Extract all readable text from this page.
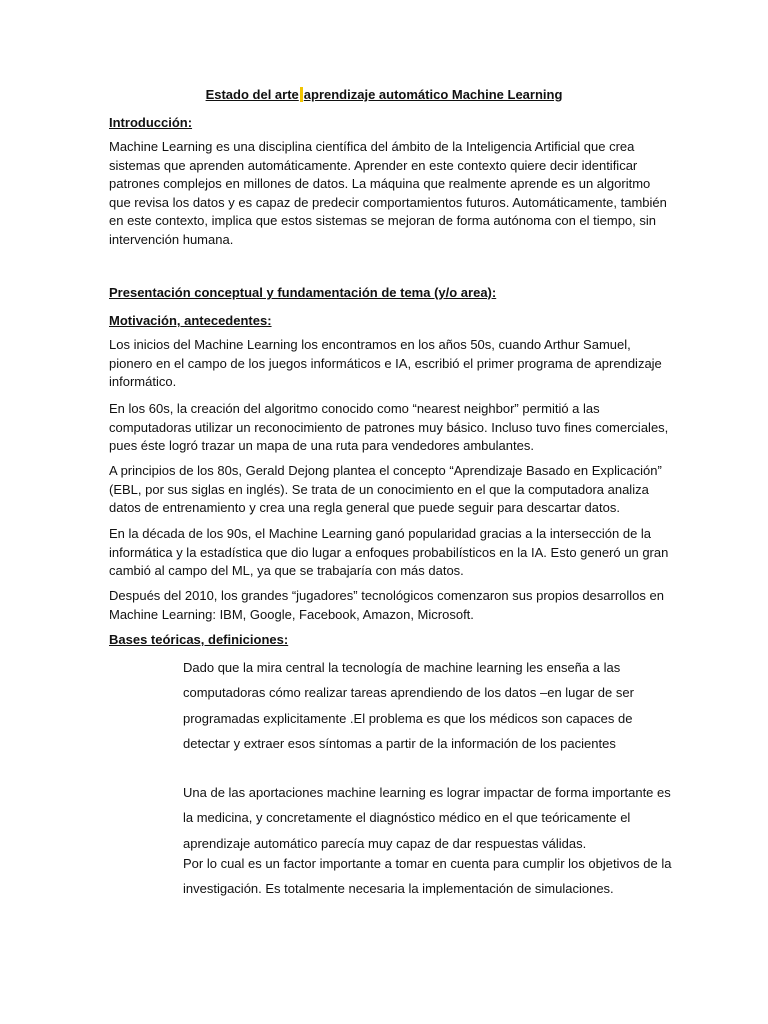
Estado del arte aprendizaje automático Machine Learning
Introducción:

Machine Learning es una disciplina científica del ámbito de la Inteligencia Artificial que crea sistemas que aprenden automáticamente. Aprender en este contexto quiere decir identificar patrones complejos en millones de datos. La máquina que realmente aprende es un algoritmo que revisa los datos y es capaz de predecir comportamientos futuros. Automáticamente, también en este contexto, implica que estos sistemas se mejoran de forma autónoma con el tiempo, sin intervención humana.

Presentación conceptual y fundamentación de tema (y/o area):
Motivación, antecedentes:

Los inicios del Machine Learning los encontramos en los años 50s, cuando Arthur Samuel, pionero en el campo de los juegos informáticos e IA, escribió el primer programa de aprendizaje informático.

En los 60s, la creación del algoritmo conocido como “nearest neighbor” permitió a las computadoras utilizar un reconocimiento de patrones muy básico. Incluso tuvo fines comerciales, pues éste logró trazar un mapa de una ruta para vendedores ambulantes.

A principios de los 80s, Gerald Dejong plantea el concepto “Aprendizaje Basado en Explicación” (EBL, por sus siglas en inglés). Se trata de un conocimiento en el que la computadora analiza datos de entrenamiento y crea una regla general que puede seguir para descartar datos.

En la década de los 90s, el Machine Learning ganó popularidad gracias a la intersección de la informática y la estadística que dio lugar a enfoques probabilísticos en la IA. Esto generó un gran cambió al campo del ML, ya que se trabajaría con más datos.

Después del 2010, los grandes “jugadores” tecnológicos comenzaron sus propios desarrollos en Machine Learning: IBM, Google, Facebook, Amazon, Microsoft.

Bases teóricas, definiciones:

Dado que la mira central la tecnología de machine learning les enseña a las computadoras cómo realizar tareas aprendiendo de los datos –en lugar de ser programadas explicitamente .El problema es que los médicos son capaces de detectar y extraer esos síntomas a partir de la información de los pacientes

Una de las aportaciones machine learning es lograr impactar de forma importante es la medicina, y concretamente el diagnóstico médico en el que teóricamente el aprendizaje automático parecía muy capaz de dar respuestas válidas.

Por lo cual es un factor importante a tomar en cuenta para cumplir los objetivos de la investigación. Es totalmente necesaria la implementación de simulaciones.
